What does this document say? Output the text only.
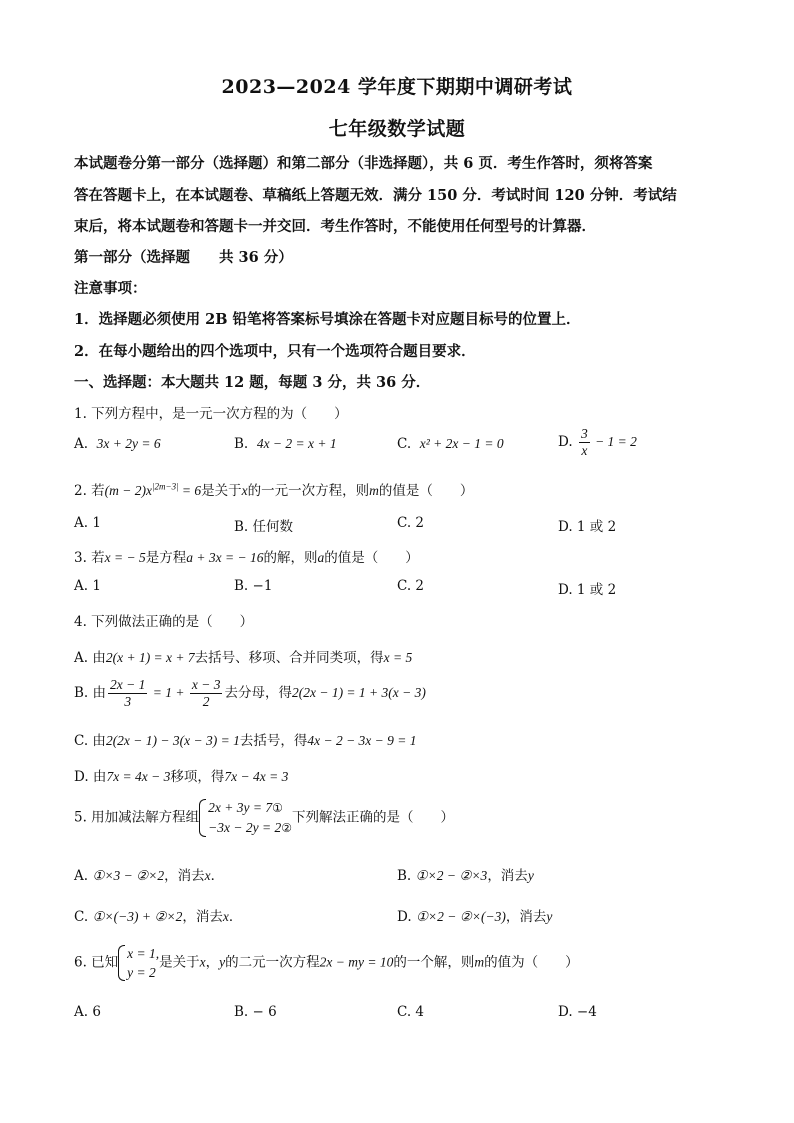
2023—2024 学年度下期期中调研考试
七年级数学试题
本试题卷分第一部分（选择题）和第二部分（非选择题），共 6 页．考生作答时，须将答案
答在答题卡上，在本试题卷、草稿纸上答题无效．满分 150 分．考试时间 120 分钟．考试结
束后，将本试题卷和答题卡一并交回．考生作答时，不能使用任何型号的计算器．
第一部分（选择题　　共 36 分）
注意事项：
1．选择题必须使用 2B 铅笔将答案标号填涂在答题卡对应题目标号的位置上．
2．在每小题给出的四个选项中，只有一个选项符合题目要求．
一、选择题：本大题共 12 题，每题 3 分，共 36 分．
1. 下列方程中，是一元一次方程的为（　　）
A. 3x + 2y = 6	B. 4x − 2 = x + 1	C. x² + 2x − 1 = 0	D. $\frac{3}{x} - 1 = 2$
2. 若$(m - 2)x^{|2m-3|} = 6$是关于x的一元一次方程，则m的值是（　　）
A. 1	B. 任何数	C. 2	D. 1 或 2
3. 若x = − 5是方程a + 3x = − 16的解，则a的值是（　　）
A. 1	B. −1	C. 2	D. 1 或 2
4. 下列做法正确的是（　　）
A. 由2(x + 1) = x + 7去括号、移项、合并同类项，得x = 5
B. 由 $\frac{2x - 1}{3} = 1 + \frac{x - 3}{2}$ 去分母，得2(2x − 1) = 1 + 3(x − 3)
C. 由2(2x − 1) − 3(x − 3) = 1去括号，得4x − 2 − 3x − 9 = 1
D. 由7x = 4x − 3移项，得7x − 4x = 3
5. 用加减法解方程组
2x + 3y = 7①
−3x − 2y = 2②
下列解法正确的是（　　）
A. ①×3 − ②×2，消去x．	B. ①×2 − ②×3，消去y
C. ①×(−3) + ②×2，消去x．	D. ①×2 − ②×(−3)，消去y
6. 已知
x = 1,
y = 2
是关于x，y的二元一次方程2x − my = 10的一个解，则m的值为（　　）
A. 6	B. − 6	C. 4	D. −4
